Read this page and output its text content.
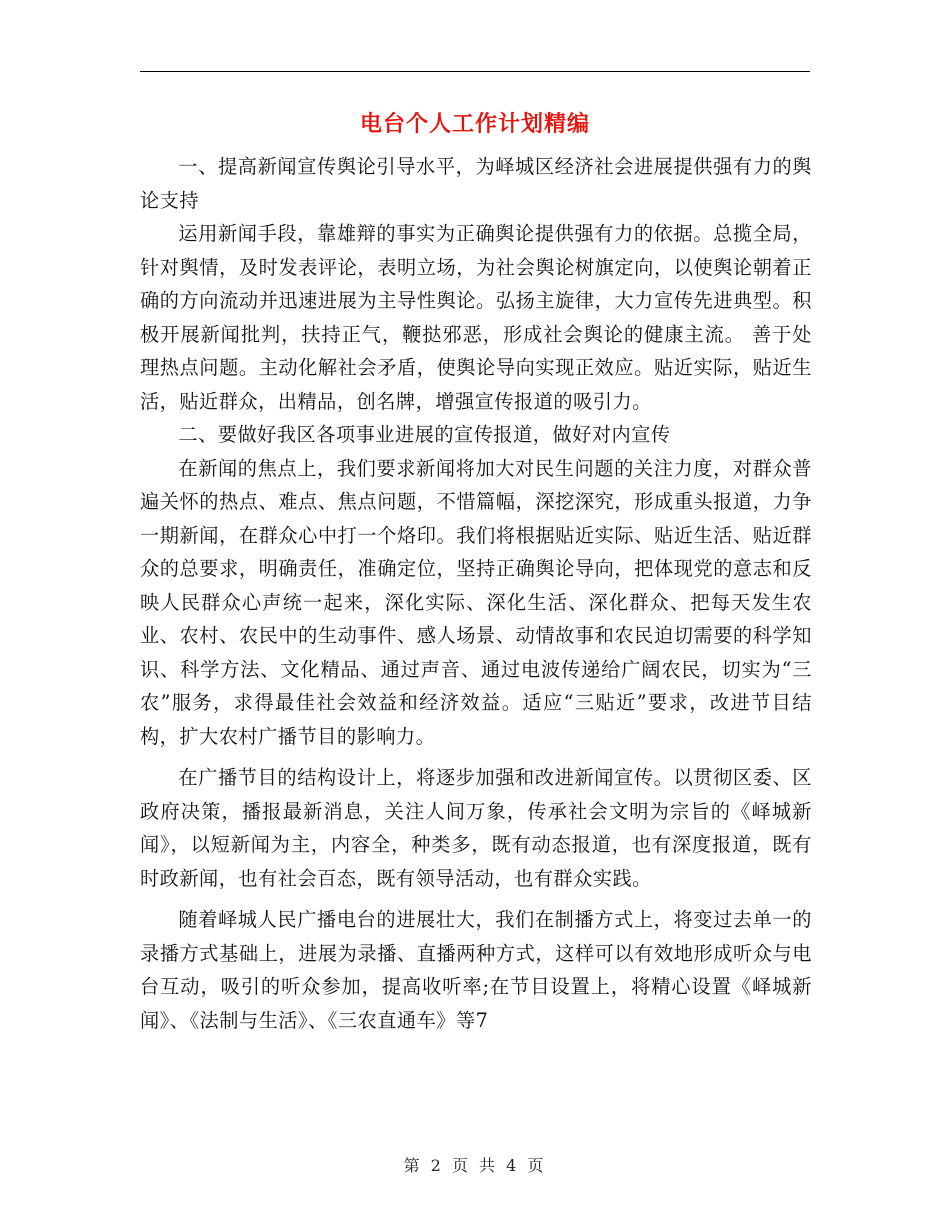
电台个人工作计划精编

一、提高新闻宣传舆论引导水平，为峄城区经济社会进展提供强有力的舆论支持

运用新闻手段，靠雄辩的事实为正确舆论提供强有力的依据。总揽全局，针对舆情，及时发表评论，表明立场，为社会舆论树旗定向，以使舆论朝着正确的方向流动并迅速进展为主导性舆论。弘扬主旋律，大力宣传先进典型。积极开展新闻批判，扶持正气，鞭挞邪恶，形成社会舆论的健康主流。 善于处理热点问题。主动化解社会矛盾，使舆论导向实现正效应。贴近实际，贴近生活，贴近群众，出精品，创名牌，增强宣传报道的吸引力。

二、要做好我区各项事业进展的宣传报道，做好对内宣传

在新闻的焦点上，我们要求新闻将加大对民生问题的关注力度，对群众普遍关怀的热点、难点、焦点问题，不惜篇幅，深挖深究，形成重头报道，力争一期新闻，在群众心中打一个烙印。我们将根据贴近实际、贴近生活、贴近群众的总要求，明确责任，准确定位，坚持正确舆论导向，把体现党的意志和反映人民群众心声统一起来，深化实际、深化生活、深化群众、把每天发生农业、农村、农民中的生动事件、感人场景、动情故事和农民迫切需要的科学知识、科学方法、文化精品、通过声音、通过电波传递给广阔农民，切实为“三农”服务，求得最佳社会效益和经济效益。适应“三贴近”要求，改进节目结构，扩大农村广播节目的影响力。

在广播节目的结构设计上，将逐步加强和改进新闻宣传。以贯彻区委、区政府决策，播报最新消息，关注人间万象，传承社会文明为宗旨的《峄城新闻》，以短新闻为主，内容全，种类多，既有动态报道，也有深度报道，既有时政新闻，也有社会百态，既有领导活动，也有群众实践。

随着峄城人民广播电台的进展壮大，我们在制播方式上，将变过去单一的录播方式基础上，进展为录播、直播两种方式，这样可以有效地形成听众与电台互动，吸引的听众参加，提高收听率;在节目设置上，将精心设置《峄城新闻》、《法制与生活》、《三农直通车》等7

第 2 页 共 4 页
